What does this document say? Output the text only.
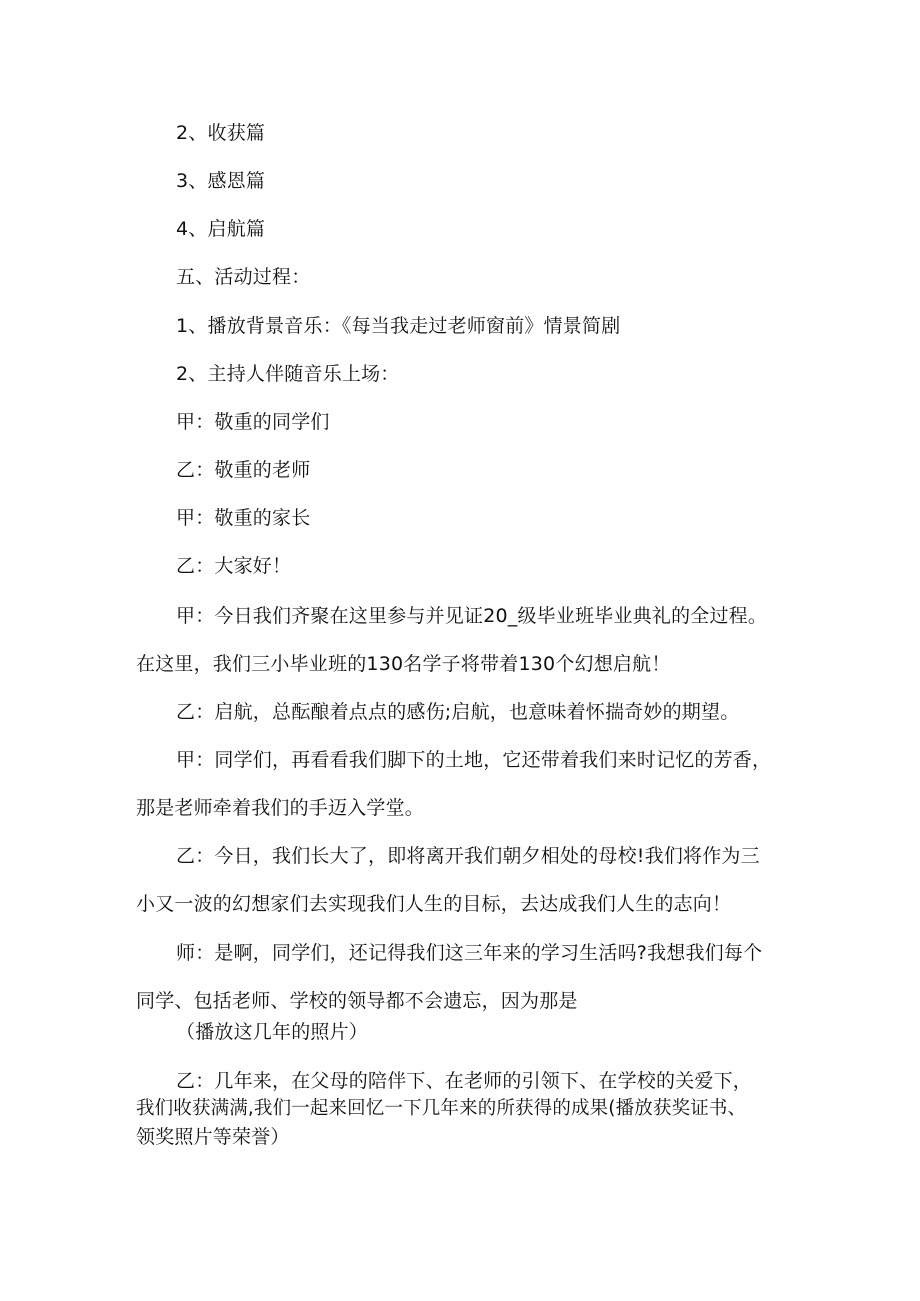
2、收获篇
3、感恩篇
4、启航篇
五、活动过程：
1、播放背景音乐：《每当我走过老师窗前》情景简剧
2、主持人伴随音乐上场：
甲：敬重的同学们
乙：敬重的老师
甲：敬重的家长
乙：大家好！
甲：今日我们齐聚在这里参与并见证20_级毕业班毕业典礼的全过程。
在这里，我们三小毕业班的130名学子将带着130个幻想启航！
乙：启航，总酝酿着点点的感伤;启航，也意味着怀揣奇妙的期望。
甲：同学们，再看看我们脚下的土地，它还带着我们来时记忆的芳香，
那是老师牵着我们的手迈入学堂。
乙：今日，我们长大了，即将离开我们朝夕相处的母校!我们将作为三
小又一波的幻想家们去实现我们人生的目标，去达成我们人生的志向！
师：是啊，同学们，还记得我们这三年来的学习生活吗?我想我们每个
同学、包括老师、学校的领导都不会遗忘，因为那是
（播放这几年的照片）
乙：几年来，在父母的陪伴下、在老师的引领下、在学校的关爱下，
我们收获满满,我们一起来回忆一下几年来的所获得的成果(播放获奖证书、
领奖照片等荣誉）
